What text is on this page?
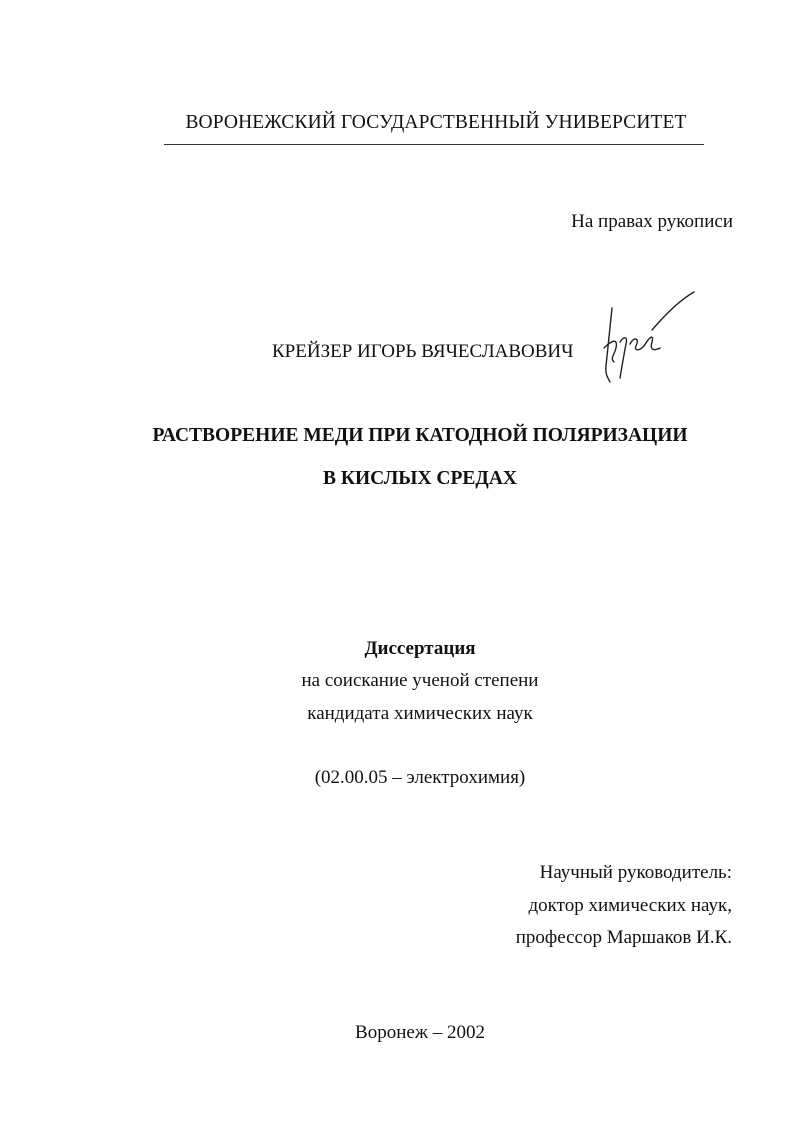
ВОРОНЕЖСКИЙ ГОСУДАРСТВЕННЫЙ УНИВЕРСИТЕТ
На правах рукописи
КРЕЙЗЕР ИГОРЬ ВЯЧЕСЛАВОВИЧ
РАСТВОРЕНИЕ МЕДИ ПРИ КАТОДНОЙ ПОЛЯРИЗАЦИИ
В КИСЛЫХ СРЕДАХ
Диссертация
на соискание ученой степени
кандидата химических наук
(02.00.05 – электрохимия)
Научный руководитель:
доктор химических наук,
профессор Маршаков И.К.
Воронеж – 2002
